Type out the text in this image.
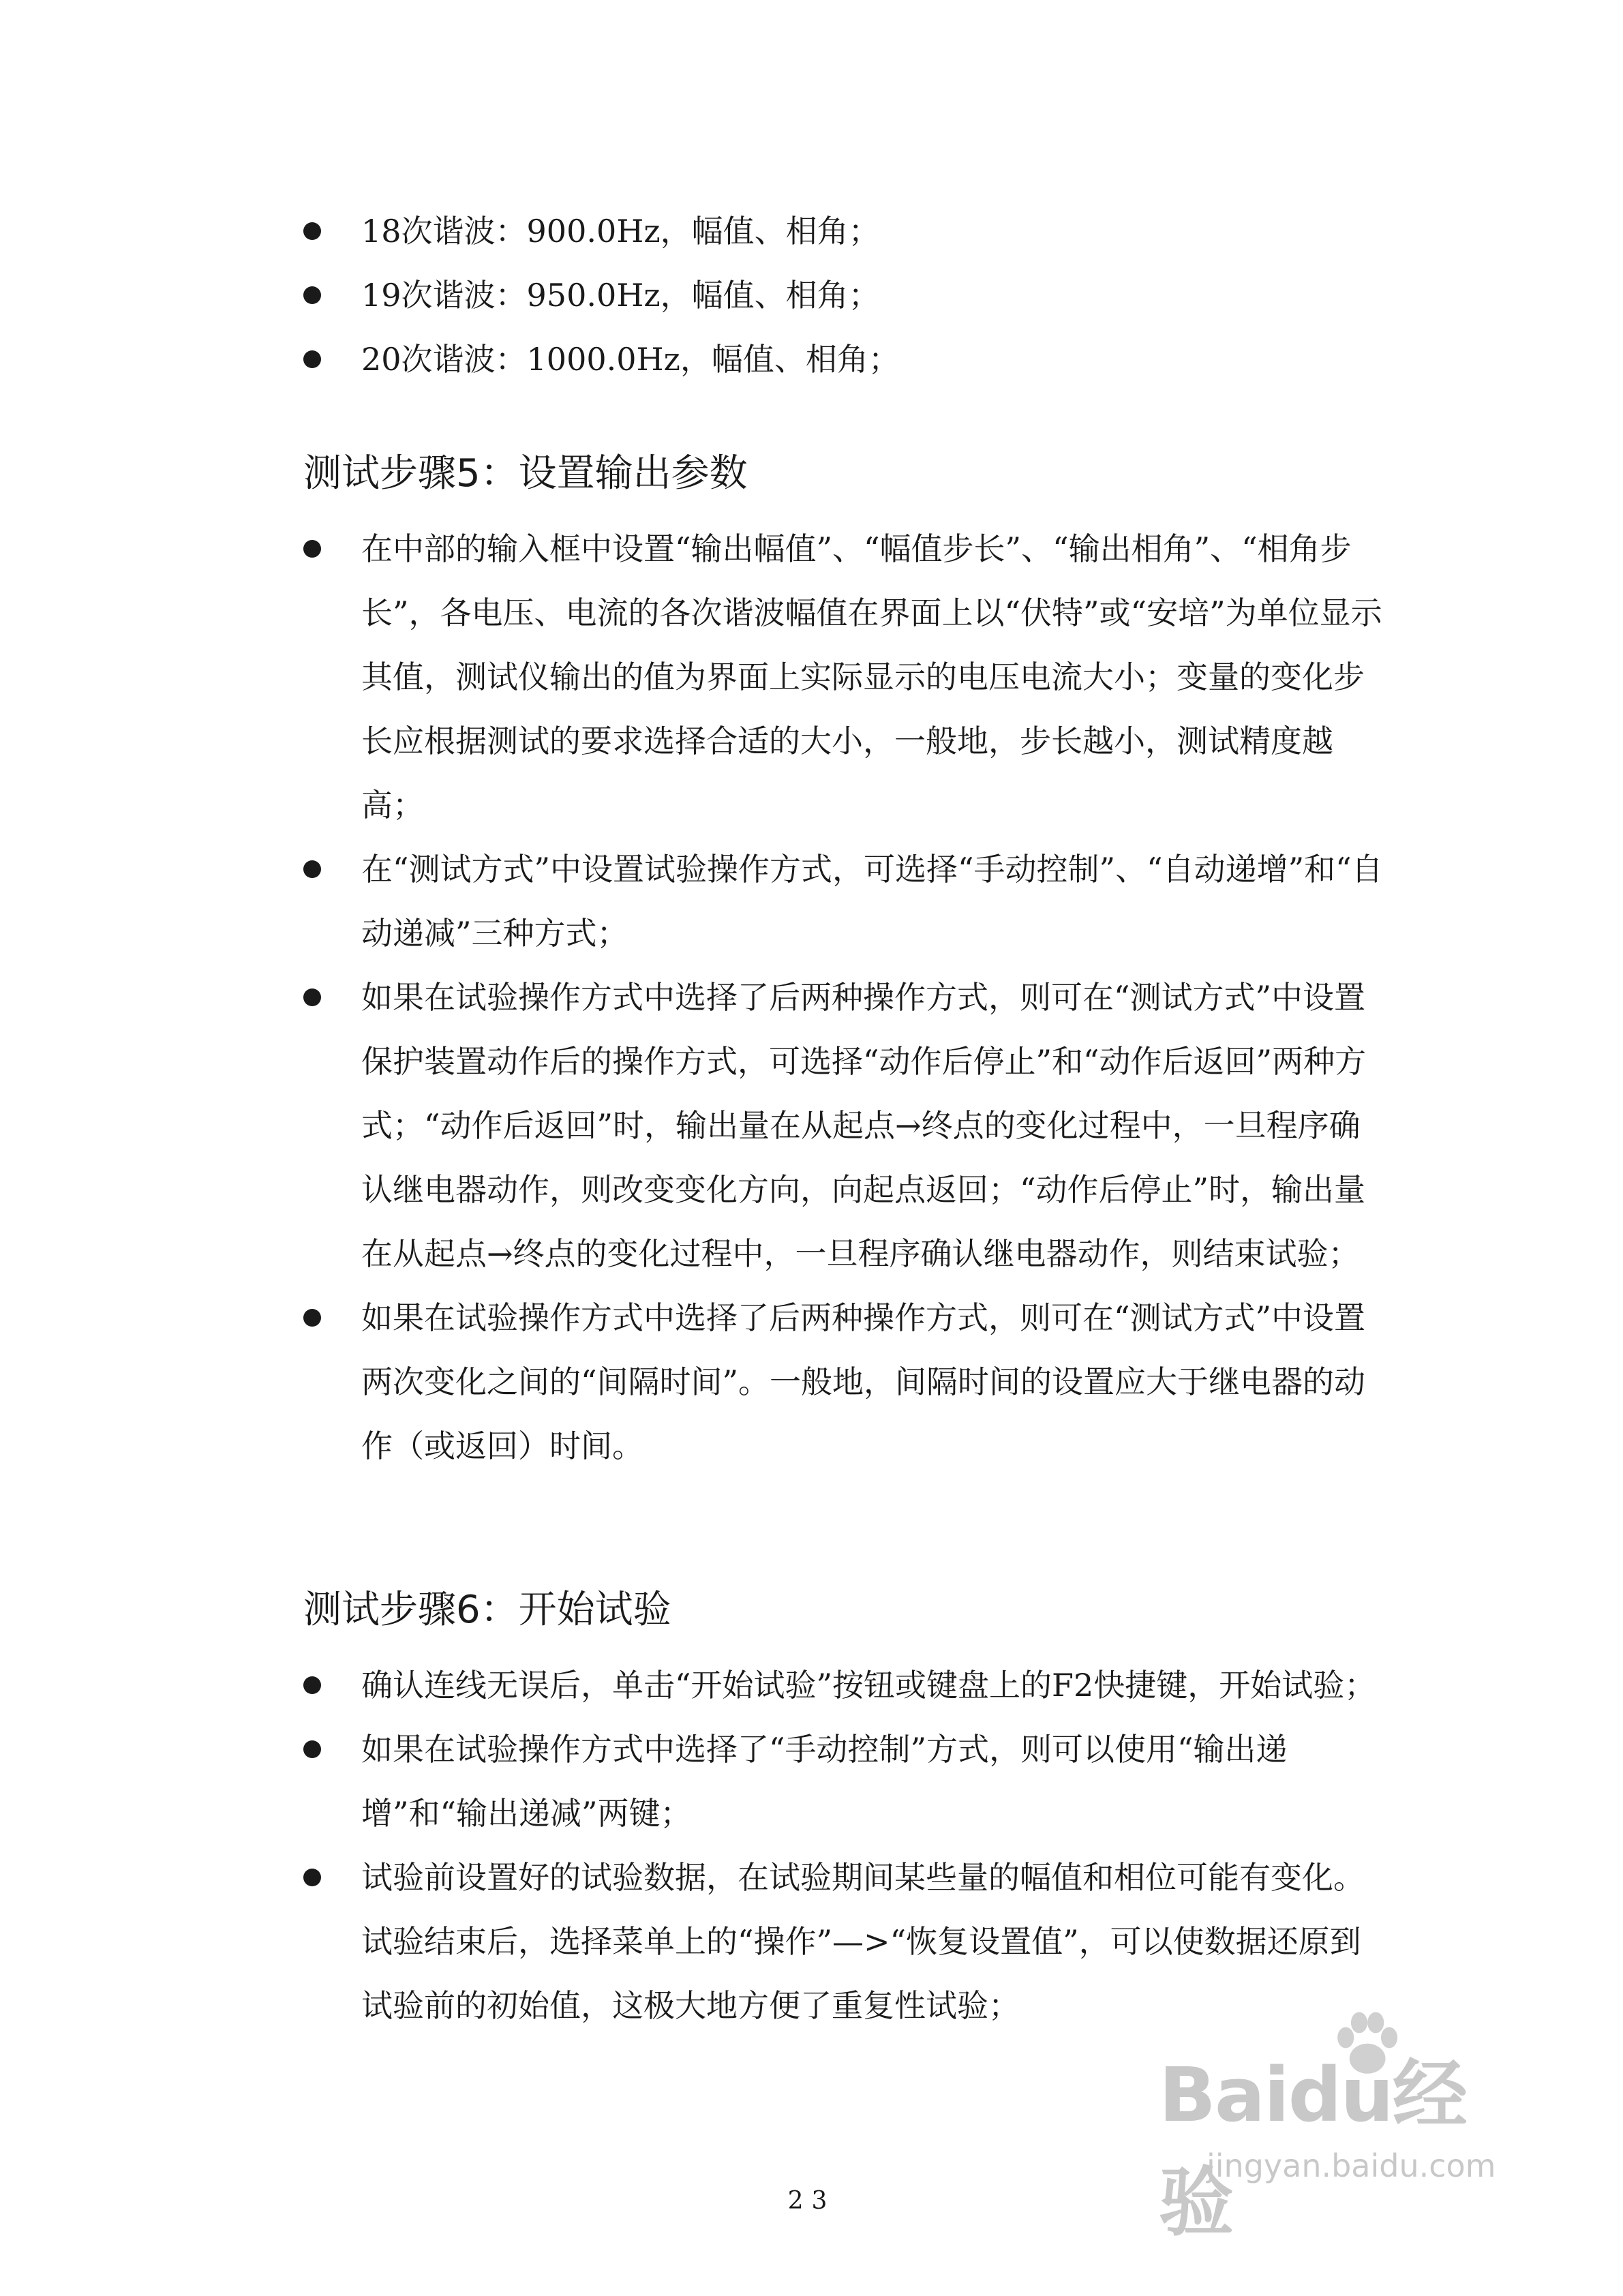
18次谐波：900.0Hz，幅值、相角；
19次谐波：950.0Hz，幅值、相角；
20次谐波：1000.0Hz，幅值、相角；
测试步骤5：设置输出参数
在中部的输入框中设置“输出幅值”、“幅值步长”、“输出相角”、“相角步长”，各电压、电流的各次谐波幅值在界面上以“伏特”或“安培”为单位显示其值，测试仪输出的值为界面上实际显示的电压电流大小；变量的变化步长应根据测试的要求选择合适的大小，一般地，步长越小，测试精度越高；
在“测试方式”中设置试验操作方式，可选择“手动控制”、“自动递增”和“自动递减”三种方式；
如果在试验操作方式中选择了后两种操作方式，则可在“测试方式”中设置保护装置动作后的操作方式，可选择“动作后停止”和“动作后返回”两种方式；“动作后返回”时，输出量在从起点→终点的变化过程中，一旦程序确认继电器动作，则改变变化方向，向起点返回；“动作后停止”时，输出量在从起点→终点的变化过程中，一旦程序确认继电器动作，则结束试验；
如果在试验操作方式中选择了后两种操作方式，则可在“测试方式”中设置两次变化之间的“间隔时间”。一般地，间隔时间的设置应大于继电器的动作（或返回）时间。
测试步骤6：开始试验
确认连线无误后，单击“开始试验”按钮或键盘上的F2快捷键，开始试验；
如果在试验操作方式中选择了“手动控制”方式，则可以使用“输出递增”和“输出递减”两键；
试验前设置好的试验数据，在试验期间某些量的幅值和相位可能有变化。试验结束后，选择菜单上的“操作”—>“恢复设置值”，可以使数据还原到试验前的初始值，这极大地方便了重复性试验；
23
Baidu经验
jingyan.baidu.com
